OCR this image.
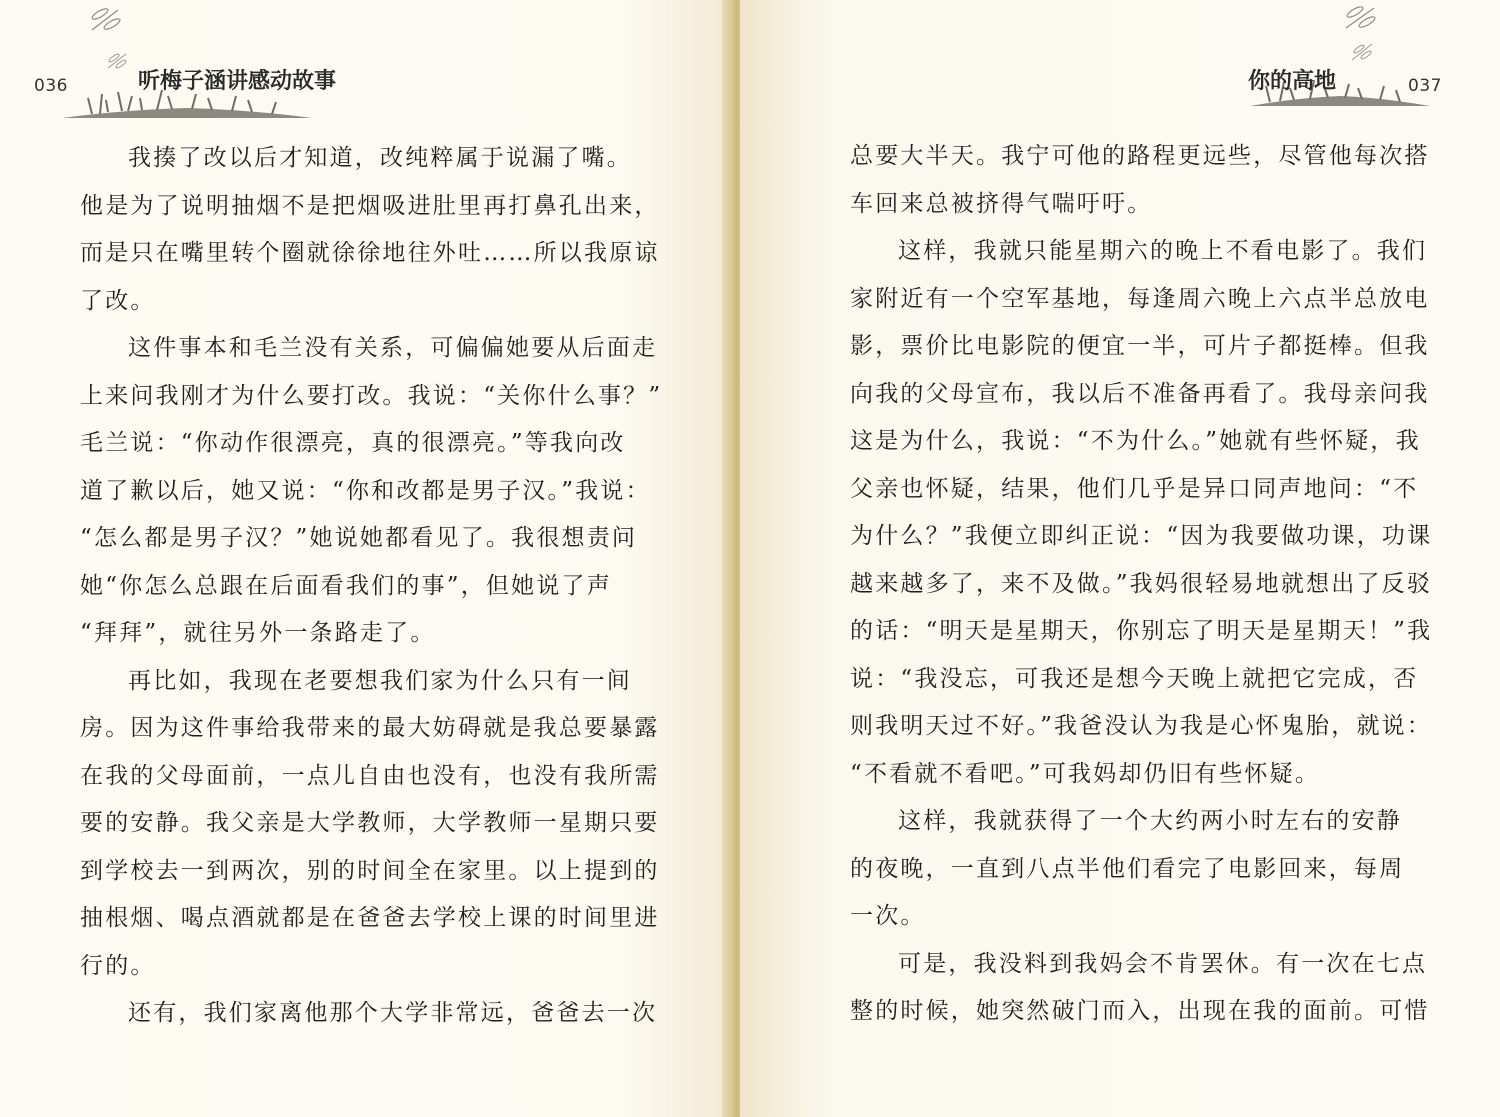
036	听梅子涵讲感动故事
我揍了改以后才知道，改纯粹属于说漏了嘴。
他是为了说明抽烟不是把烟吸进肚里再打鼻孔出来，
而是只在嘴里转个圈就徐徐地往外吐……所以我原谅
了改。
这件事本和毛兰没有关系，可偏偏她要从后面走
上来问我刚才为什么要打改。我说：“关你什么事？”
毛兰说：“你动作很漂亮，真的很漂亮。”等我向改
道了歉以后，她又说：“你和改都是男子汉。”我说：
“怎么都是男子汉？”她说她都看见了。我很想责问
她“你怎么总跟在后面看我们的事”，但她说了声
“拜拜”，就往另外一条路走了。
再比如，我现在老要想我们家为什么只有一间
房。因为这件事给我带来的最大妨碍就是我总要暴露
在我的父母面前，一点儿自由也没有，也没有我所需
要的安静。我父亲是大学教师，大学教师一星期只要
到学校去一到两次，别的时间全在家里。以上提到的
抽根烟、喝点酒就都是在爸爸去学校上课的时间里进
行的。
还有，我们家离他那个大学非常远，爸爸去一次
你的高地	037
总要大半天。我宁可他的路程更远些，尽管他每次搭
车回来总被挤得气喘吁吁。
这样，我就只能星期六的晚上不看电影了。我们
家附近有一个空军基地，每逢周六晚上六点半总放电
影，票价比电影院的便宜一半，可片子都挺棒。但我
向我的父母宣布，我以后不准备再看了。我母亲问我
这是为什么，我说：“不为什么。”她就有些怀疑，我
父亲也怀疑，结果，他们几乎是异口同声地问：“不
为什么？”我便立即纠正说：“因为我要做功课，功课
越来越多了，来不及做。”我妈很轻易地就想出了反驳
的话：“明天是星期天，你别忘了明天是星期天！”我
说：“我没忘，可我还是想今天晚上就把它完成，否
则我明天过不好。”我爸没认为我是心怀鬼胎，就说：
“不看就不看吧。”可我妈却仍旧有些怀疑。
这样，我就获得了一个大约两小时左右的安静
的夜晚，一直到八点半他们看完了电影回来，每周
一次。
可是，我没料到我妈会不肯罢休。有一次在七点
整的时候，她突然破门而入，出现在我的面前。可惜
